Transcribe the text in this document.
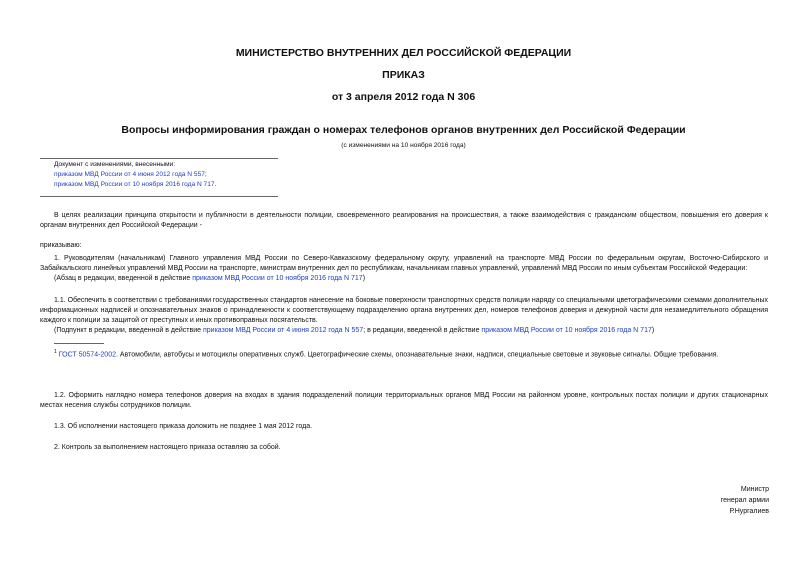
МИНИСТЕРСТВО ВНУТРЕННИХ ДЕЛ РОССИЙСКОЙ ФЕДЕРАЦИИ
ПРИКАЗ
от 3 апреля 2012 года N 306
Вопросы информирования граждан о номерах телефонов органов внутренних дел Российской Федерации
(с изменениями на 10 ноября 2016 года)
Документ с изменениями, внесенными:
приказом МВД России от 4 июня 2012 года N 557;
приказом МВД России от 10 ноября 2016 года N 717.
В целях реализации принципа открытости и публичности в деятельности полиции, своевременного реагирования на происшествия, а также взаимодействия с гражданским обществом, повышения его доверия к органам внутренних дел Российской Федерации -
приказываю:
1. Руководителям (начальникам) Главного управления МВД России по Северо-Кавказскому федеральному округу, управлений на транспорте МВД России по федеральным округам, Восточно-Сибирского и Забайкальского линейных управлений МВД России на транспорте, министрам внутренних дел по республикам, начальникам главных управлений, управлений МВД России по иным субъектам Российской Федерации:
(Абзац в редакции, введенной в действие приказом МВД России от 10 ноября 2016 года N 717)
1.1. Обеспечить в соответствии с требованиями государственных стандартов нанесение на боковые поверхности транспортных средств полиции наряду со специальными цветографическими схемами дополнительных информационных надписей и опознавательных знаков о принадлежности к соответствующему подразделению органа внутренних дел, номеров телефонов доверия и дежурной части для незамедлительного обращения каждого к полиции за защитой от преступных и иных противоправных посягательств.
(Подпункт в редакции, введенной в действие приказом МВД России от 4 июня 2012 года N 557; в редакции, введенной в действие приказом МВД России от 10 ноября 2016 года N 717)
$^1$ ГОСТ 50574-2002. Автомобили, автобусы и мотоциклы оперативных служб. Цветографические схемы, опознавательные знаки, надписи, специальные световые и звуковые сигналы. Общие требования.
1.2. Оформить наглядно номера телефонов доверия на входах в здания подразделений полиции территориальных органов МВД России на районном уровне, контрольных постах полиции и других стационарных местах несения службы сотрудников полиции.
1.3. Об исполнении настоящего приказа доложить не позднее 1 мая 2012 года.
2. Контроль за выполнением настоящего приказа оставляю за собой.
Министр
генерал армии
Р.Нургалиев
